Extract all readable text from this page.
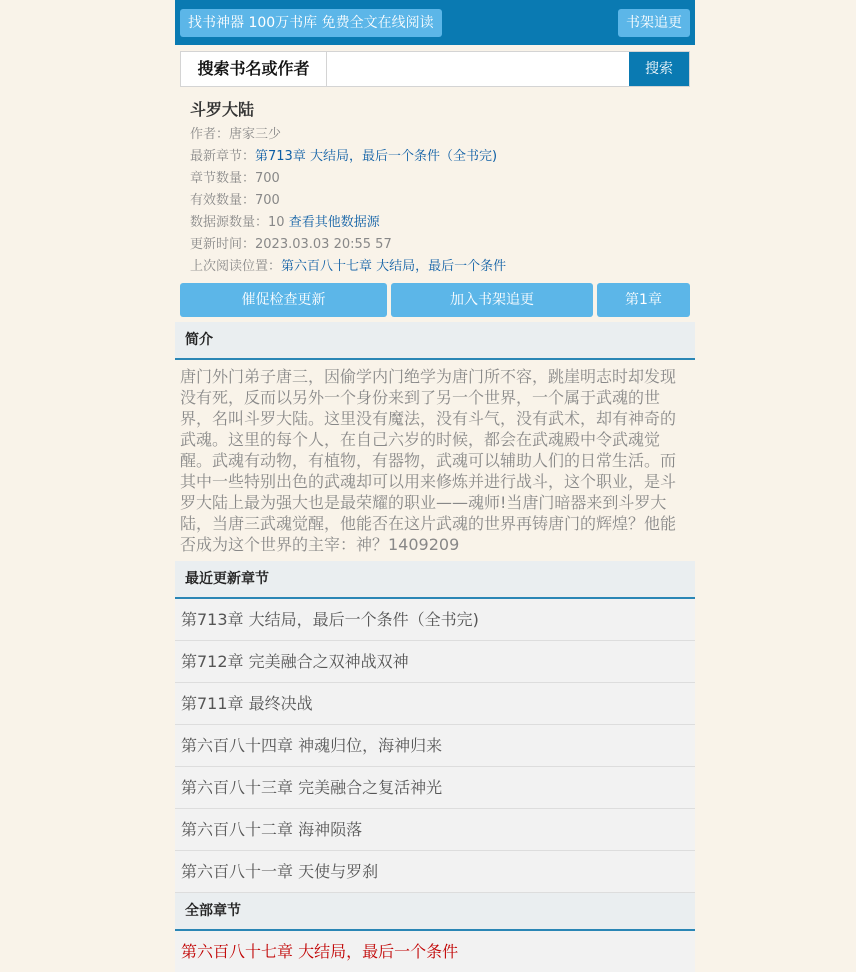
找书神器 100万书库 免费全文在线阅读	书架追更
搜索书名或作者	搜索
斗罗大陆
作者：唐家三少
最新章节：第713章 大结局，最后一个条件（全书完)
章节数量：700
有效数量：700
数据源数量：10 查看其他数据源
更新时间：2023.03.03 20:55 57
上次阅读位置：第六百八十七章 大结局，最后一个条件
催促检查更新	加入书架追更	第1章
简介
唐门外门弟子唐三，因偷学内门绝学为唐门所不容，跳崖明志时却发现没有死，反而以另外一个身份来到了另一个世界，一个属于武魂的世界，名叫斗罗大陆。这里没有魔法，没有斗气，没有武术，却有神奇的武魂。这里的每个人，在自己六岁的时候，都会在武魂殿中令武魂觉醒。武魂有动物，有植物，有器物，武魂可以辅助人们的日常生活。而其中一些特别出色的武魂却可以用来修炼并进行战斗，这个职业，是斗罗大陆上最为强大也是最荣耀的职业——魂师!当唐门暗器来到斗罗大陆，当唐三武魂觉醒，他能否在这片武魂的世界再铸唐门的辉煌？他能否成为这个世界的主宰：神？1409209
最近更新章节
第713章 大结局，最后一个条件（全书完)
第712章 完美融合之双神战双神
第711章 最终决战
第六百八十四章 神魂归位，海神归来
第六百八十三章 完美融合之复活神光
第六百八十二章 海神陨落
第六百八十一章 天使与罗刹
全部章节
第六百八十七章 大结局，最后一个条件
